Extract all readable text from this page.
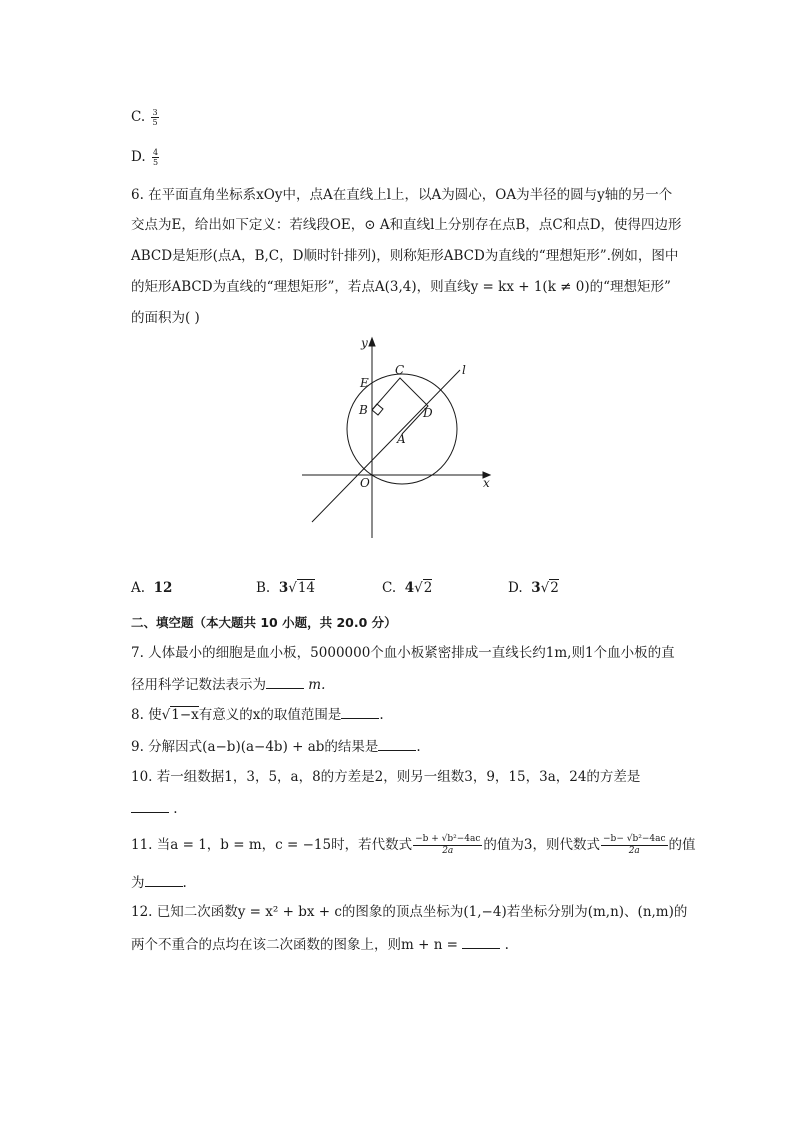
C. $\frac{3}{5}$
D. $\frac{4}{5}$
6. 在平面直角坐标系xOy中，点A在直线上l上，以A为圆心，OA为半径的圆与y轴的另一个
交点为E，给出如下定义：若线段OE，⊙ A和直线l上分别存在点B，点C和点D，使得四边形
ABCD是矩形(点A，B,C，D顺时针排列)，则称矩形ABCD为直线的“理想矩形”.例如，图中
的矩形ABCD为直线的“理想矩形”，若点A(3,4)，则直线y = kx + 1(k ≠ 0)的“理想矩形”
的面积为( )
y
x
O
E
B
C
D
A
l
A. 12	B. 3√14	C. 4√2	D. 3√2
二、填空题（本大题共 10 小题，共 20.0 分）
7. 人体最小的细胞是血小板，5000000个血小板紧密排成一直线长约1m,则1个血小板的直
径用科学记数法表示为	m.
8. 使√1−x有意义的x的取值范围是	.
9. 分解因式(a−b)(a−4b) + ab的结果是	.
10. 若一组数据1，3，5，a，8的方差是2，则另一组数3，9，15，3a，24的方差是
.
11. 当a = 1，b = m，c = −15时，若代数式 $\frac{\text{−b + √b²−4ac}}{2a}$ 的值为3，则代数式 $\frac{\text{−b− √b²−4ac}}{2a}$ 的值
为	.
12. 已知二次函数y = x² + bx + c的图象的顶点坐标为(1,−4)若坐标分别为(m,n)、(n,m)的
两个不重合的点均在该二次函数的图象上，则m + n =	.
